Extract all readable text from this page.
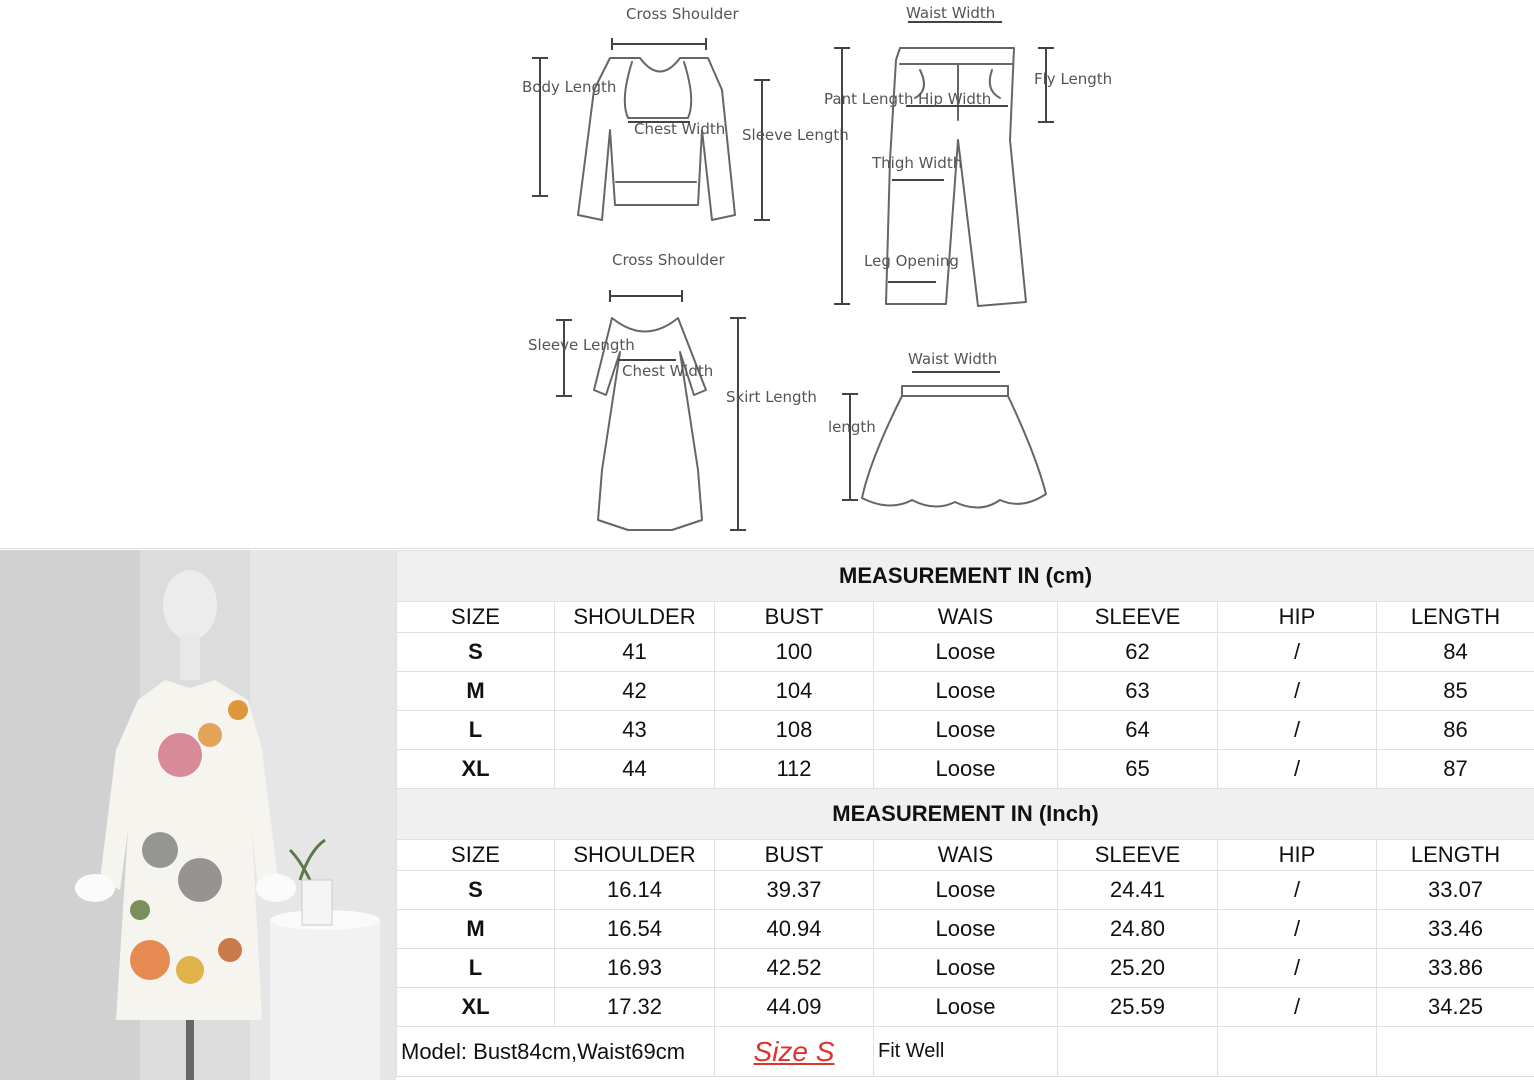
Cross Shoulder
Body Length
Chest Width Sleeve Length
Waist Width
Pant Length Hip Width
Fly Length
Thigh Width
Leg Opening
Cross Shoulder
Sleeve Length
Chest Width
Skirt Length
Waist Width
length
MEASUREMENT IN (cm)						
SIZE	SHOULDER	BUST	WAIS	SLEEVE	HIP	LENGTH
S	41	100	Loose	62	/	84
M	42	104	Loose	63	/	85
L	43	108	Loose	64	/	86
XL	44	112	Loose	65	/	87
MEASUREMENT IN (Inch)						
SIZE	SHOULDER	BUST	WAIS	SLEEVE	HIP	LENGTH
S	16.14	39.37	Loose	24.41	/	33.07
M	16.54	40.94	Loose	24.80	/	33.46
L	16.93	42.52	Loose	25.20	/	33.86
XL	17.32	44.09	Loose	25.59	/	34.25
Model: Bust84cm,Waist69cm		Size S	Fit Well			
